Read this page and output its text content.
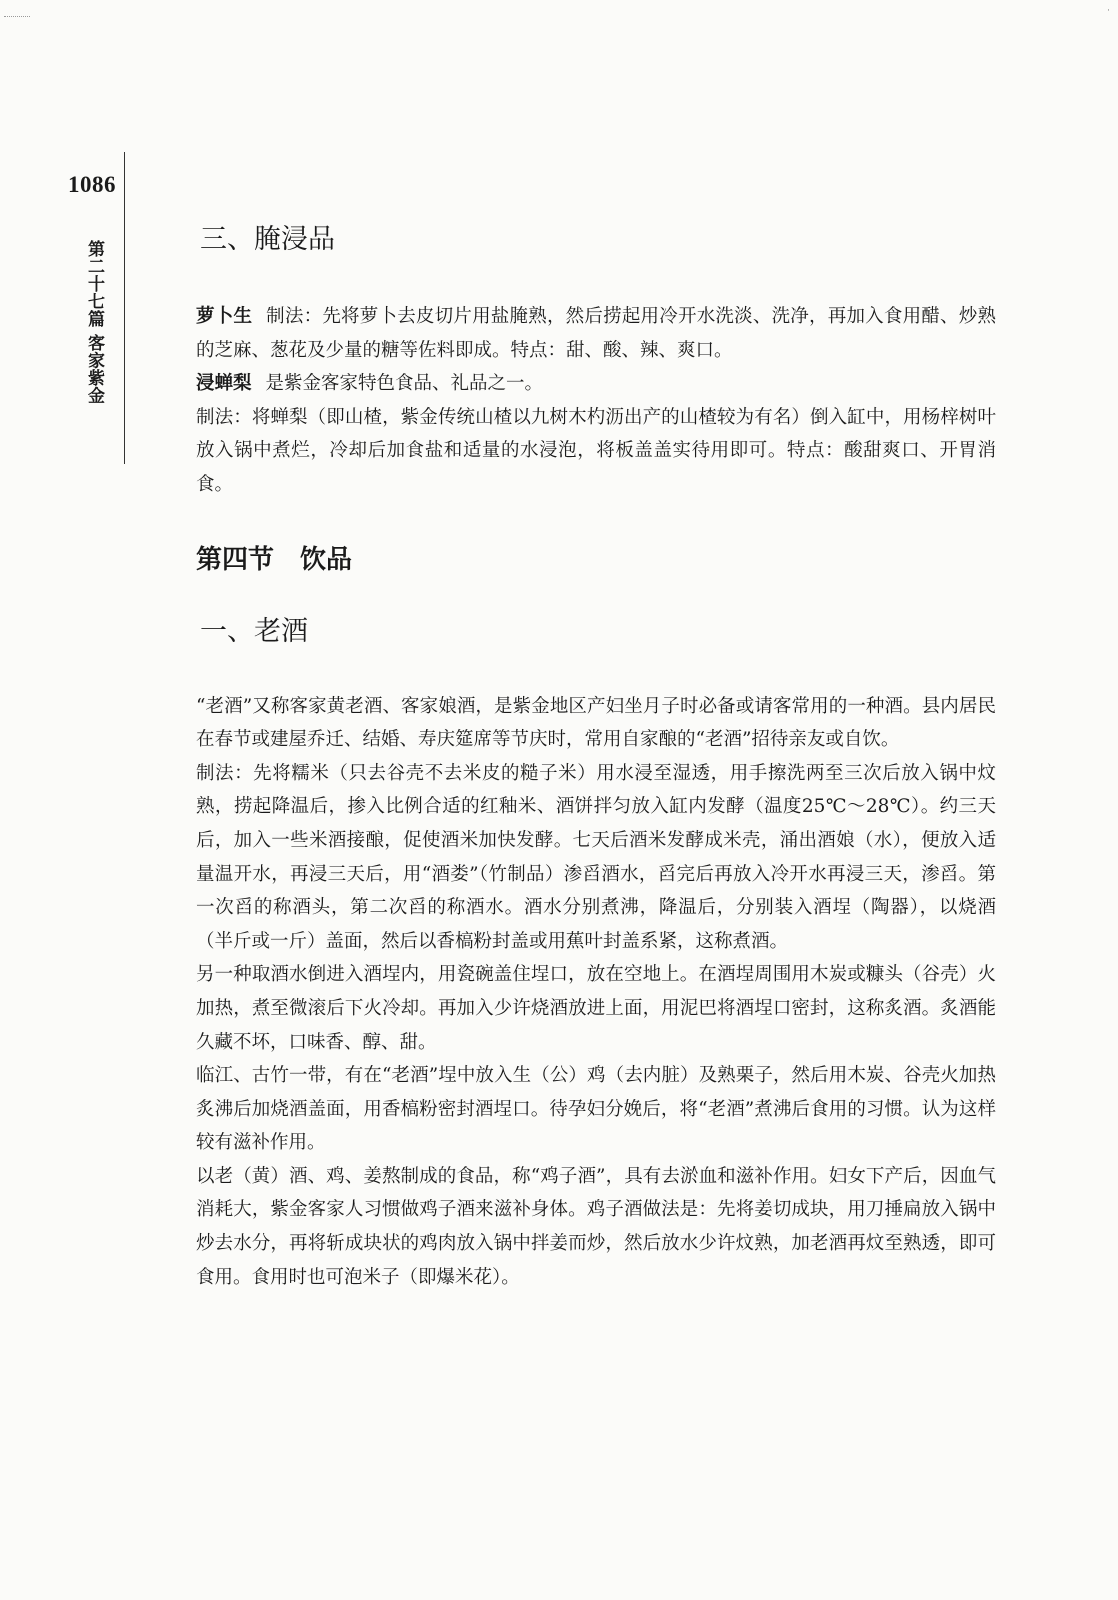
·
1086
第二十七篇 客家紫金
三、腌浸品

萝卜生 制法：先将萝卜去皮切片用盐腌熟，然后捞起用冷开水洗淡、洗净，再加入食用醋、炒熟的芝麻、葱花及少量的糖等佐料即成。特点：甜、酸、辣、爽口。

浸蝉梨 是紫金客家特色食品、礼品之一。

制法：将蝉梨（即山楂，紫金传统山楂以九树木杓沥出产的山楂较为有名）倒入缸中，用杨梓树叶放入锅中煮烂，冷却后加食盐和适量的水浸泡，将板盖盖实待用即可。特点：酸甜爽口、开胃消食。

第四节　饮品
一、老酒

“老酒”又称客家黄老酒、客家娘酒，是紫金地区产妇坐月子时必备或请客常用的一种酒。县内居民在春节或建屋乔迁、结婚、寿庆筵席等节庆时，常用自家酿的“老酒”招待亲友或自饮。

制法：先将糯米（只去谷壳不去米皮的糙子米）用水浸至湿透，用手擦洗两至三次后放入锅中炆熟，捞起降温后，掺入比例合适的红釉米、酒饼拌匀放入缸内发酵（温度25℃～28℃）。约三天后，加入一些米酒接酿，促使酒米加快发酵。七天后酒米发酵成米壳，涌出酒娘（水），便放入适量温开水，再浸三天后，用“酒娄”（竹制品）渗舀酒水，舀完后再放入冷开水再浸三天，渗舀。第一次舀的称酒头，第二次舀的称酒水。酒水分别煮沸，降温后，分别装入酒埕（陶器），以烧酒（半斤或一斤）盖面，然后以香槁粉封盖或用蕉叶封盖系紧，这称煮酒。

另一种取酒水倒进入酒埕内，用瓷碗盖住埕口，放在空地上。在酒埕周围用木炭或糠头（谷壳）火加热，煮至微滚后下火冷却。再加入少许烧酒放进上面，用泥巴将酒埕口密封，这称炙酒。炙酒能久藏不坏，口味香、醇、甜。

临江、古竹一带，有在“老酒”埕中放入生（公）鸡（去内脏）及熟栗子，然后用木炭、谷壳火加热炙沸后加烧酒盖面，用香槁粉密封酒埕口。待孕妇分娩后，将“老酒”煮沸后食用的习惯。认为这样较有滋补作用。

以老（黄）酒、鸡、姜熬制成的食品，称“鸡子酒”，具有去淤血和滋补作用。妇女下产后，因血气消耗大，紫金客家人习惯做鸡子酒来滋补身体。鸡子酒做法是：先将姜切成块，用刀捶扁放入锅中炒去水分，再将斩成块状的鸡肉放入锅中拌姜而炒，然后放水少许炆熟，加老酒再炆至熟透，即可食用。食用时也可泡米子（即爆米花）。
